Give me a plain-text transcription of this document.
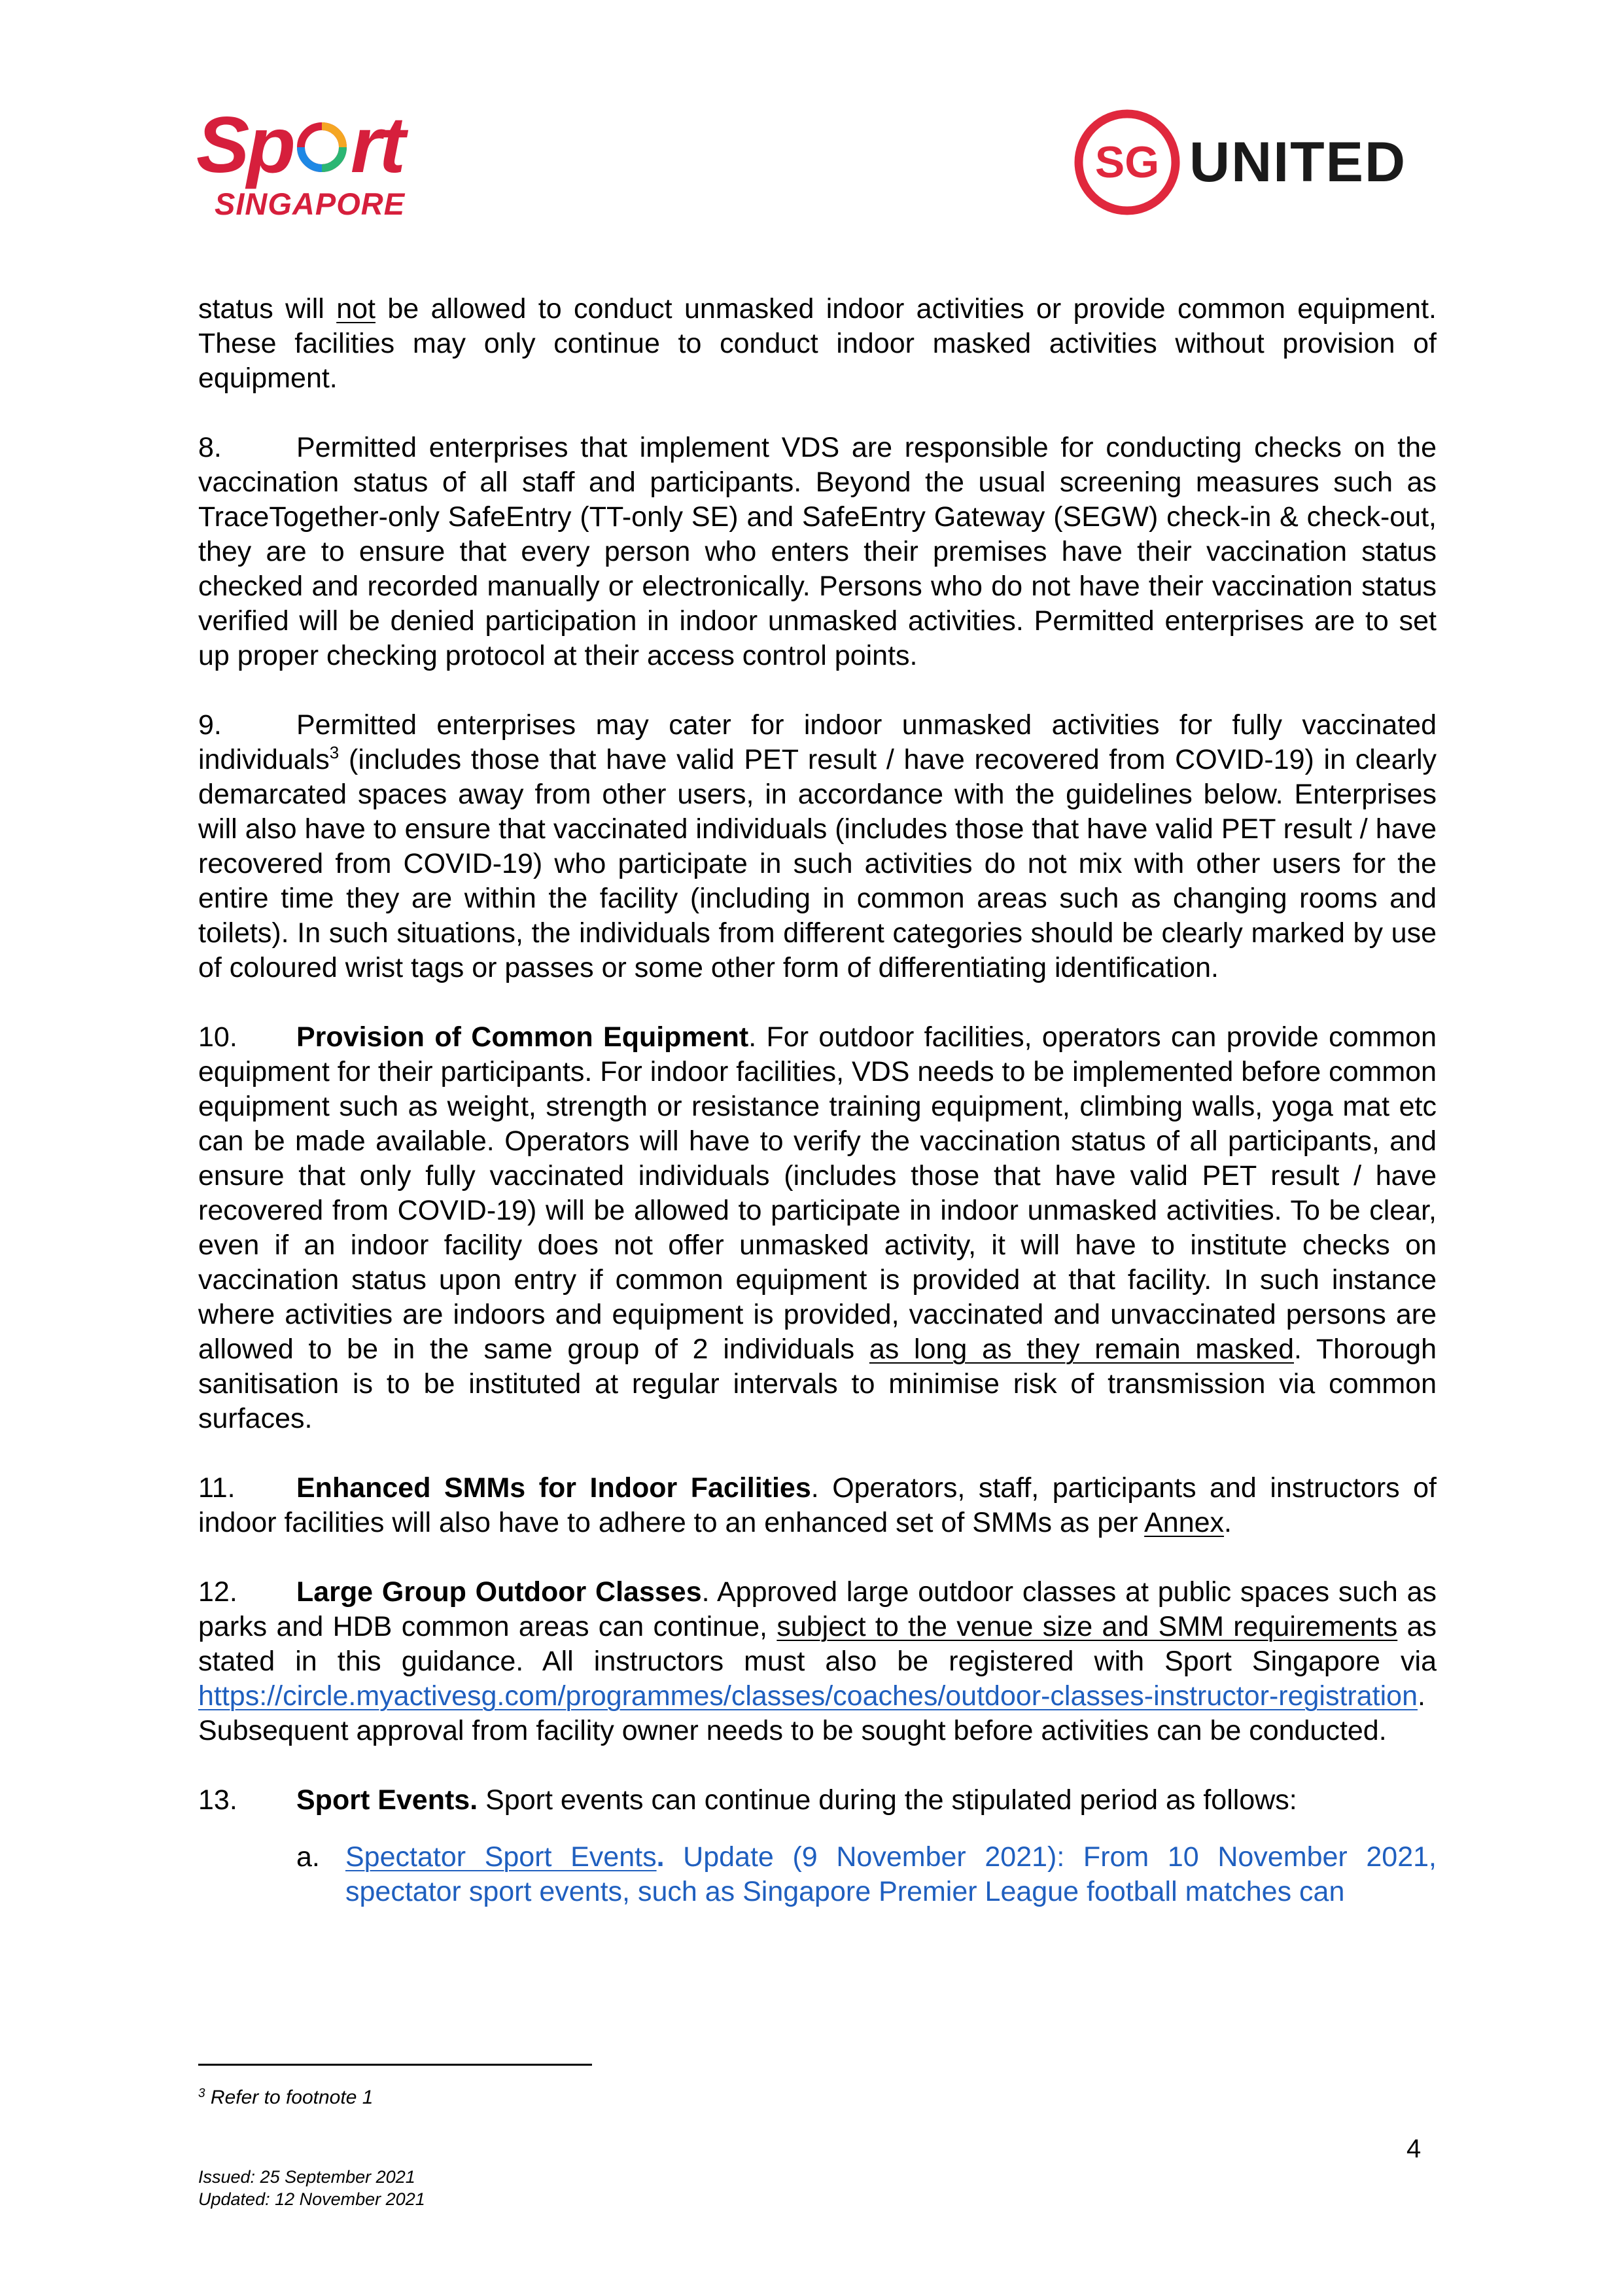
Sp rt
SINGAPORE
SG UNITED

status will not be allowed to conduct unmasked indoor activities or provide common equipment. These facilities may only continue to conduct indoor masked activities without provision of equipment.

8.	Permitted enterprises that implement VDS are responsible for conducting checks on the vaccination status of all staff and participants. Beyond the usual screening measures such as TraceTogether-only SafeEntry (TT-only SE) and SafeEntry Gateway (SEGW) check-in & check-out, they are to ensure that every person who enters their premises have their vaccination status checked and recorded manually or electronically. Persons who do not have their vaccination status verified will be denied participation in indoor unmasked activities. Permitted enterprises are to set up proper checking protocol at their access control points.

9.	Permitted enterprises may cater for indoor unmasked activities for fully vaccinated individuals$^3$ (includes those that have valid PET result / have recovered from COVID-19) in clearly demarcated spaces away from other users, in accordance with the guidelines below. Enterprises will also have to ensure that vaccinated individuals (includes those that have valid PET result / have recovered from COVID-19) who participate in such activities do not mix with other users for the entire time they are within the facility (including in common areas such as changing rooms and toilets). In such situations, the individuals from different categories should be clearly marked by use of coloured wrist tags or passes or some other form of differentiating identification.

10. Provision of Common Equipment. For outdoor facilities, operators can provide common equipment for their participants. For indoor facilities, VDS needs to be implemented before common equipment such as weight, strength or resistance training equipment, climbing walls, yoga mat etc can be made available. Operators will have to verify the vaccination status of all participants, and ensure that only fully vaccinated individuals (includes those that have valid PET result / have recovered from COVID-19) will be allowed to participate in indoor unmasked activities. To be clear, even if an indoor facility does not offer unmasked activity, it will have to institute checks on vaccination status upon entry if common equipment is provided at that facility. In such instance where activities are indoors and equipment is provided, vaccinated and unvaccinated persons are allowed to be in the same group of 2 individuals as long as they remain masked. Thorough sanitisation is to be instituted at regular intervals to minimise risk of transmission via common surfaces.

11. Enhanced SMMs for Indoor Facilities. Operators, staff, participants and instructors of indoor facilities will also have to adhere to an enhanced set of SMMs as per Annex.

12. Large Group Outdoor Classes. Approved large outdoor classes at public spaces such as parks and HDB common areas can continue, subject to the venue size and SMM requirements as stated in this guidance. All instructors must also be registered with Sport Singapore via https://circle.myactivesg.com/programmes/classes/coaches/outdoor-classes-instructor-registration. Subsequent approval from facility owner needs to be sought before activities can be conducted.

13. Sport Events. Sport events can continue during the stipulated period as follows:

a. Spectator Sport Events. Update (9 November 2021): From 10 November 2021, spectator sport events, such as Singapore Premier League football matches can

$^3$ Refer to footnote 1
4
Issued: 25 September 2021
Updated: 12 November 2021
